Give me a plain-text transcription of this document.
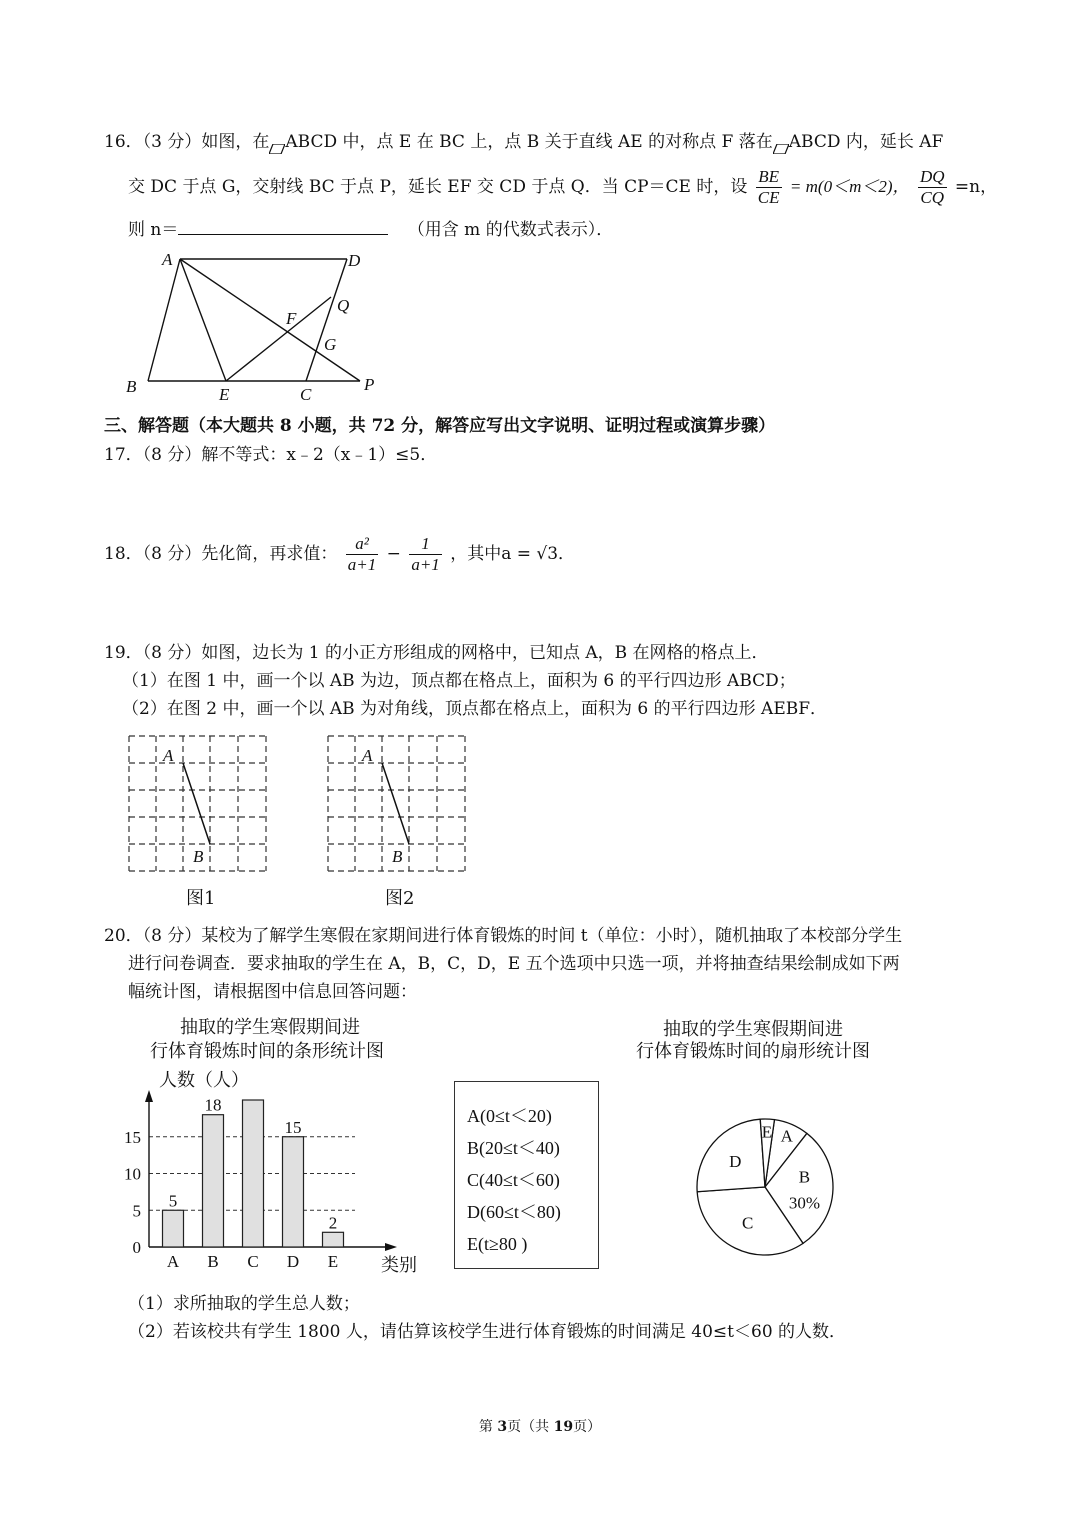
16．（3 分）如图，在 ABCD 中，点 E 在 BC 上，点 B 关于直线 AE 的对称点 F 落在 ABCD 内，延长 AF
交 DC 于点 G，交射线 BC 于点 P，延长 EF 交 CD 于点 Q．当 CP＝CE 时，设 $\frac{BE}{CE} = m(0<m<2)$， $\frac{DQ}{CQ} =n$，
则 n＝	（用含 m 的代数式表示）．
A	D
F
Q
G
B	E	C
P
三、解答题（本大题共 8 小题，共 72 分，解答应写出文字说明、证明过程或演算步骤）
17．（8 分）解不等式：x﹣2（x﹣1）≤5．
18．（8 分）先化简，再求值： $\frac{\text{a²}}{a+1} - \frac{1}{a+1}$ ，其中a = √3．
19．（8 分）如图，边长为 1 的小正方形组成的网格中，已知点 A，B 在网格的格点上．
（1）在图 1 中，画一个以 AB 为边，顶点都在格点上，面积为 6 的平行四边形 ABCD；
（2）在图 2 中，画一个以 AB 为对角线，顶点都在格点上，面积为 6 的平行四边形 AEBF．
A
B
图1
A
B
图2
20．（8 分）某校为了解学生寒假在家期间进行体育锻炼的时间 t（单位：小时），随机抽取了本校部分学生
进行问卷调查．要求抽取的学生在 A，B，C，D，E 五个选项中只选一项，并将抽查结果绘制成如下两
幅统计图，请根据图中信息回答问题：
抽取的学生寒假期间进
行体育锻炼时间的条形统计图
人数（人）
类别
0
5
10
15
A
5
B
18
C D
15
E
2
A(0≤t＜20)
B(20≤t＜40)
C(40≤t＜60)
D(60≤t＜80)
E(t≥80 )
抽取的学生寒假期间进
行体育锻炼时间的扇形统计图
A
B
30%
C
D
E
（1）求所抽取的学生总人数；
（2）若该校共有学生 1800 人，请估算该校学生进行体育锻炼的时间满足 40≤t＜60 的人数．
第 3页（共 19页）
